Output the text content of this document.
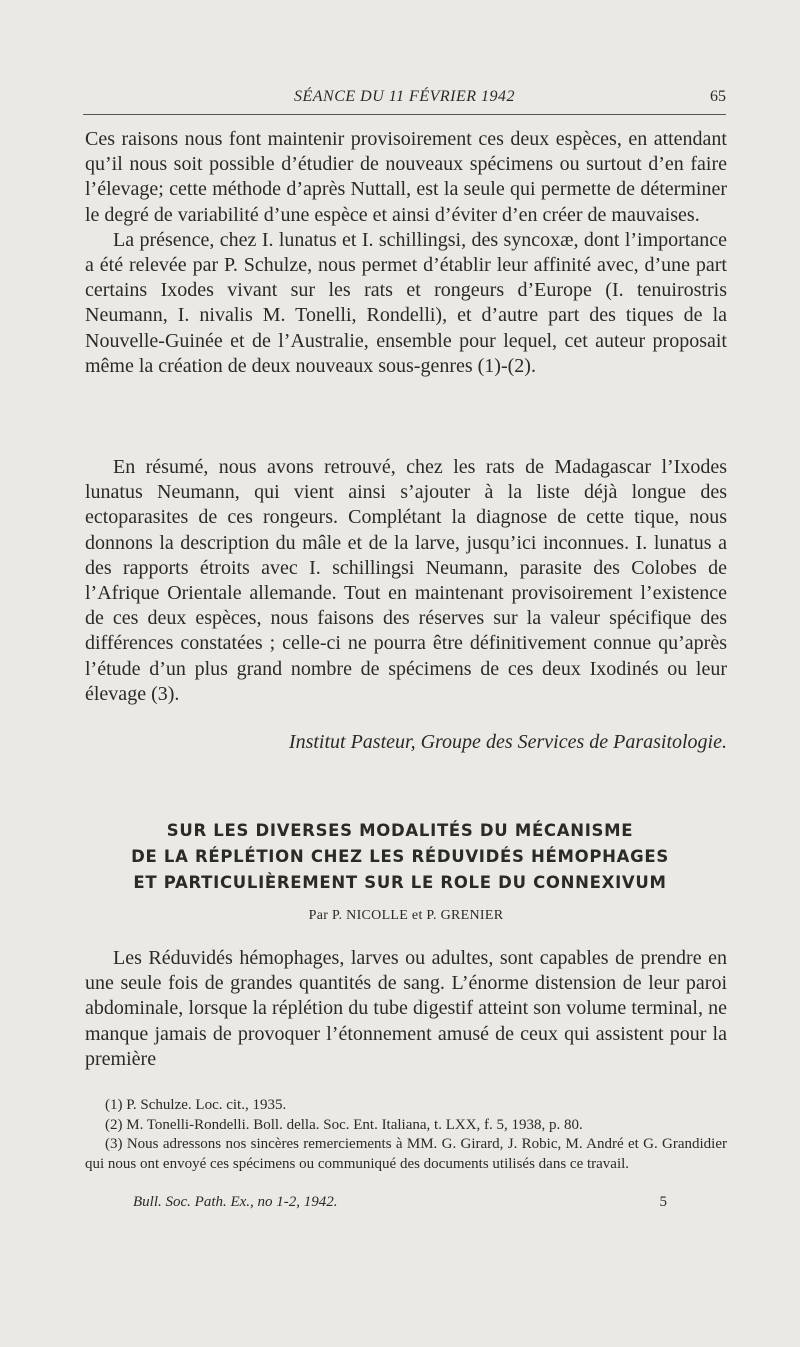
SÉANCE DU 11 FÉVRIER 1942	65

Ces raisons nous font maintenir provisoirement ces deux espèces, en attendant qu’il nous soit possible d’étudier de nouveaux spécimens ou surtout d’en faire l’élevage; cette méthode d’après Nuttall, est la seule qui permette de déterminer le degré de variabilité d’une espèce et ainsi d’éviter d’en créer de mauvaises.

La présence, chez I. lunatus et I. schillingsi, des syncoxæ, dont l’importance a été relevée par P. Schulze, nous permet d’établir leur affinité avec, d’une part certains Ixodes vivant sur les rats et rongeurs d’Europe (I. tenuirostris Neumann, I. nivalis M. Tonelli, Rondelli), et d’autre part des tiques de la Nouvelle-Guinée et de l’Australie, ensemble pour lequel, cet auteur proposait même la création de deux nouveaux sous-genres (1)-(2).

En résumé, nous avons retrouvé, chez les rats de Madagascar l’Ixodes lunatus Neumann, qui vient ainsi s’ajouter à la liste déjà longue des ectoparasites de ces rongeurs. Complétant la diagnose de cette tique, nous donnons la description du mâle et de la larve, jusqu’ici inconnues. I. lunatus a des rapports étroits avec I. schillingsi Neumann, parasite des Colobes de l’Afrique Orientale allemande. Tout en maintenant provisoirement l’existence de ces deux espèces, nous faisons des réserves sur la valeur spécifique des différences constatées ; celle-ci ne pourra être définitivement connue qu’après l’étude d’un plus grand nombre de spécimens de ces deux Ixodinés ou leur élevage (3).

Institut Pasteur, Groupe des Services de Parasitologie.
SUR LES DIVERSES MODALITÉS DU MÉCANISME
DE LA RÉPLÉTION CHEZ LES RÉDUVIDÉS HÉMOPHAGES
ET PARTICULIÈREMENT SUR LE ROLE DU CONNEXIVUM
Par P. NICOLLE et P. GRENIER

Les Réduvidés hémophages, larves ou adultes, sont capables de prendre en une seule fois de grandes quantités de sang. L’énorme distension de leur paroi abdominale, lorsque la réplétion du tube digestif atteint son volume terminal, ne manque jamais de provoquer l’étonnement amusé de ceux qui assistent pour la première

(1) P. Schulze. Loc. cit., 1935.

(2) M. Tonelli-Rondelli. Boll. della. Soc. Ent. Italiana, t. LXX, f. 5, 1938, p. 80.

(3) Nous adressons nos sincères remerciements à MM. G. Girard, J. Robic, M. André et G. Grandidier qui nous ont envoyé ces spécimens ou communiqué des documents utilisés dans ce travail.

Bull. Soc. Path. Ex., no 1-2, 1942.	5
